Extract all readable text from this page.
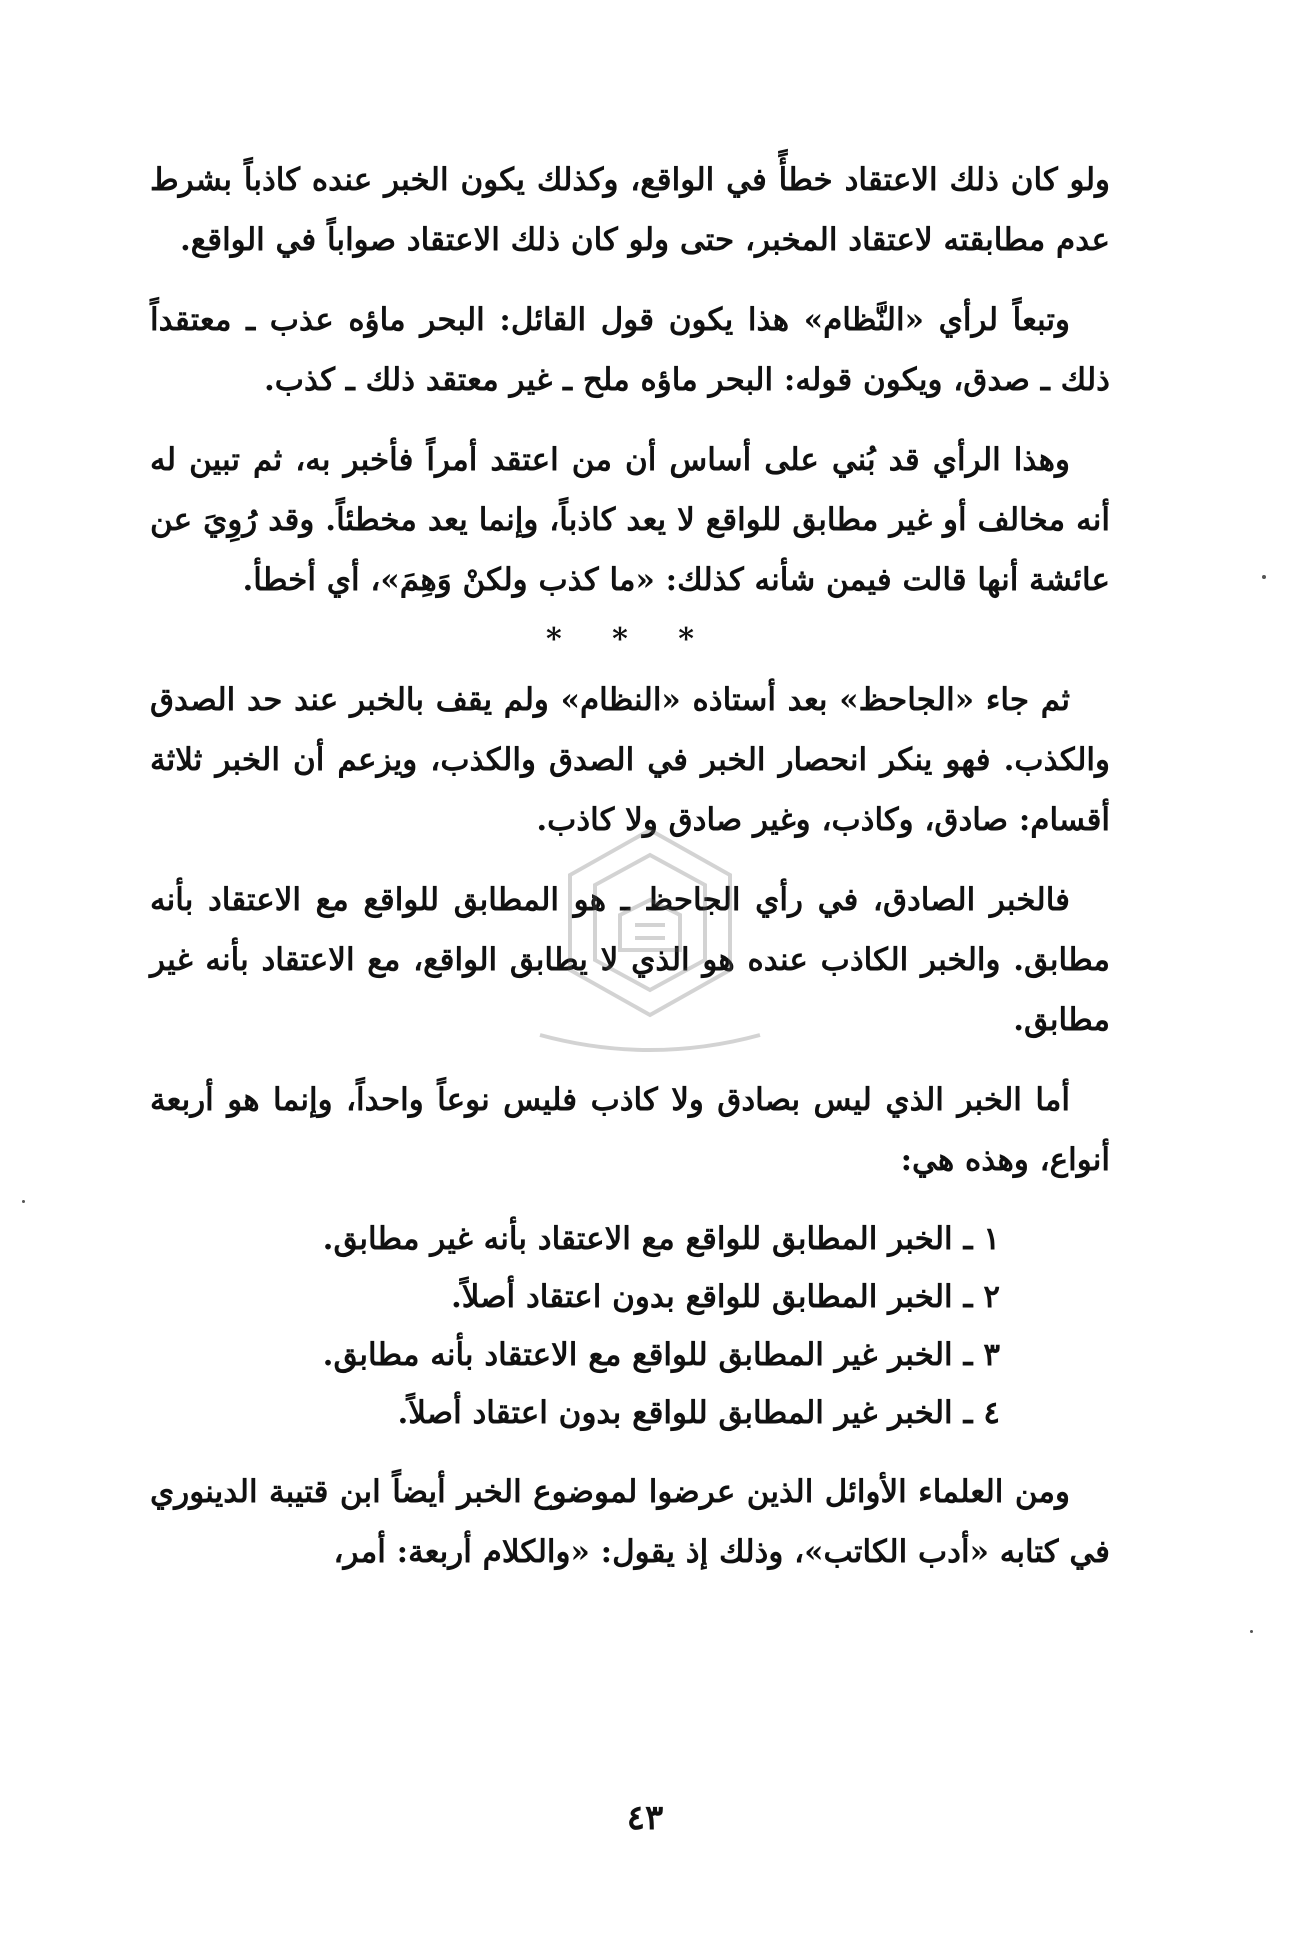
ولو كان ذلك الاعتقاد خطأً في الواقع، وكذلك يكون الخبر عنده كاذباً بشرط عدم مطابقته لاعتقاد المخبر، حتى ولو كان ذلك الاعتقاد صواباً في الواقع.

وتبعاً لرأي «النَّظام» هذا يكون قول القائل: البحر ماؤه عذب ـ معتقداً ذلك ـ صدق، ويكون قوله: البحر ماؤه ملح ـ غير معتقد ذلك ـ كذب.

وهذا الرأي قد بُني على أساس أن من اعتقد أمراً فأخبر به، ثم تبين له أنه مخالف أو غير مطابق للواقع لا يعد كاذباً، وإنما يعد مخطئاً. وقد رُوِيَ عن عائشة أنها قالت فيمن شأنه كذلك: «ما كذب ولكنْ وَهِمَ»، أي أخطأ.

* * *

ثم جاء «الجاحظ» بعد أستاذه «النظام» ولم يقف بالخبر عند حد الصدق والكذب. فهو ينكر انحصار الخبر في الصدق والكذب، ويزعم أن الخبر ثلاثة أقسام: صادق، وكاذب، وغير صادق ولا كاذب.

فالخبر الصادق، في رأي الجاحظ ـ هو المطابق للواقع مع الاعتقاد بأنه مطابق. والخبر الكاذب عنده هو الذي لا يطابق الواقع، مع الاعتقاد بأنه غير مطابق.

أما الخبر الذي ليس بصادق ولا كاذب فليس نوعاً واحداً، وإنما هو أربعة أنواع، وهذه هي:

١ ـ الخبر المطابق للواقع مع الاعتقاد بأنه غير مطابق.

٢ ـ الخبر المطابق للواقع بدون اعتقاد أصلاً.

٣ ـ الخبر غير المطابق للواقع مع الاعتقاد بأنه مطابق.

٤ ـ الخبر غير المطابق للواقع بدون اعتقاد أصلاً.

ومن العلماء الأوائل الذين عرضوا لموضوع الخبر أيضاً ابن قتيبة الدينوري في كتابه «أدب الكاتب»، وذلك إذ يقول: «والكلام أربعة: أمر،

٤٣
